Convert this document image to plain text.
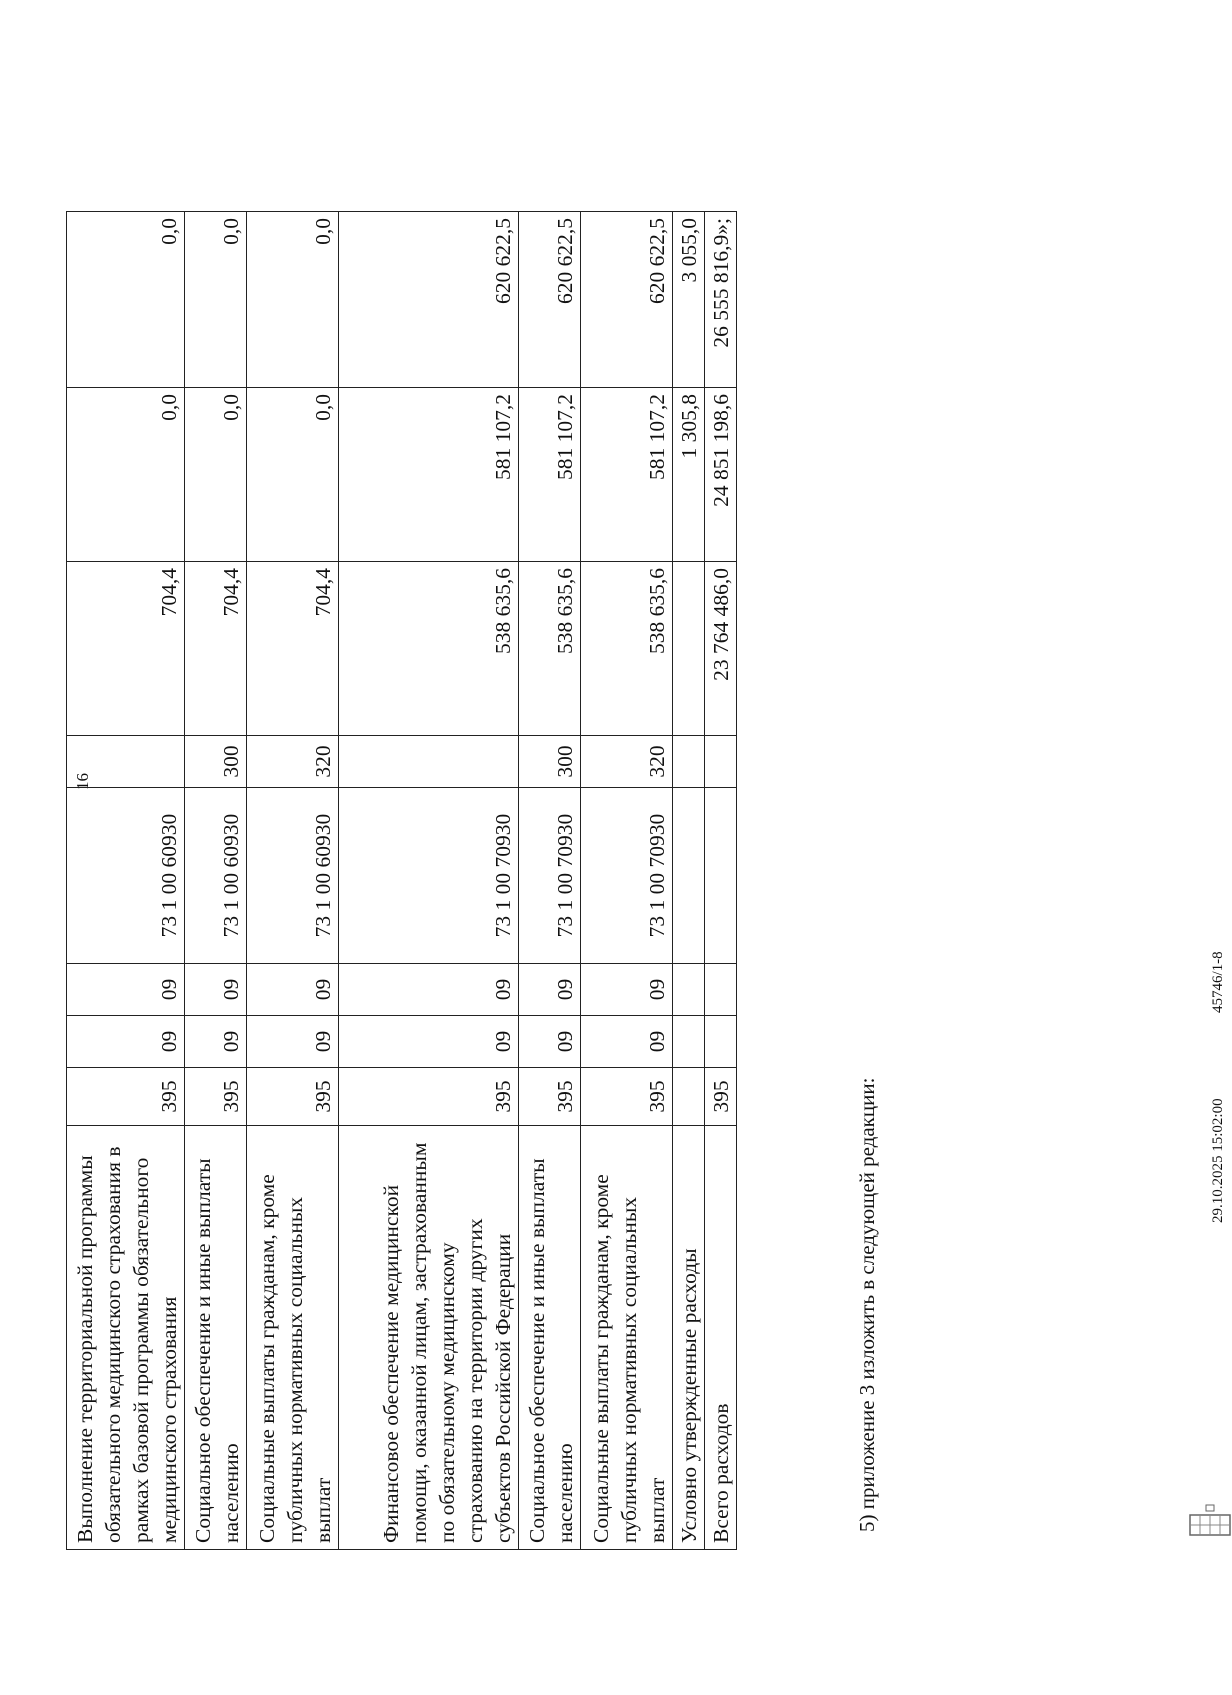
16
Выполнение территориальной программы обязательного медицинского страхования в рамках базовой программы обязательного медицинского страхования	395	09	09	73 1 00 60930		704,4	0,0	0,0
Социальное обеспечение и иные выплаты населению	395	09	09	73 1 00 60930	300	704,4	0,0	0,0
Социальные выплаты гражданам, кроме публичных нормативных социальных выплат	395	09	09	73 1 00 60930	320	704,4	0,0	0,0
Финансовое обеспечение медицинской помощи, оказанной лицам, застрахованным по обязательному медицинскому страхованию на территории других субъектов Российской Федерации	395	09	09	73 1 00 70930		538 635,6	581 107,2	620 622,5
Социальное обеспечение и иные выплаты населению	395	09	09	73 1 00 70930	300	538 635,6	581 107,2	620 622,5
Социальные выплаты гражданам, кроме публичных нормативных социальных выплат	395	09	09	73 1 00 70930	320	538 635,6	581 107,2	620 622,5
Условно утвержденные расходы							1 305,8	3 055,0
Всего расходов	395					23 764 486,0	24 851 198,6	26 555 816,9»;
5) приложение 3 изложить в следующей редакции:	29.10.2025 15:02:00
45746/1-8
